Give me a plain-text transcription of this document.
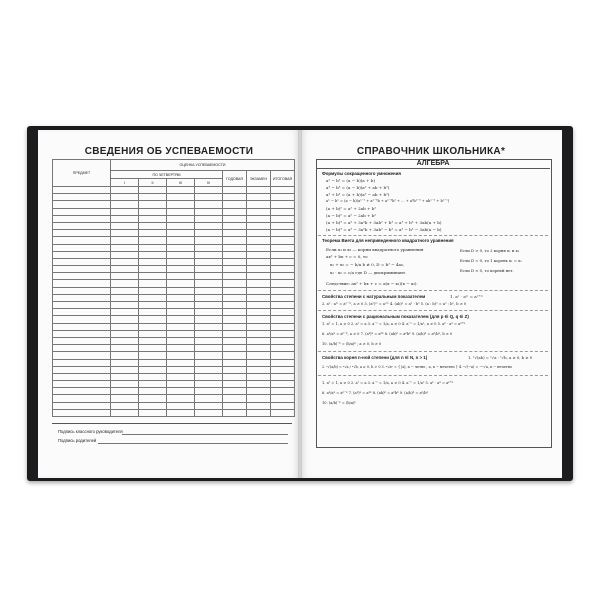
СВЕДЕНИЯ ОБ УСПЕВАЕМОСТИ
ПРЕДМЕТ	ОЦЕНКА УСПЕВАЕМОСТИ						
	ПО ЧЕТВЕРТЯМ				ГОДОВАЯ	ЭКЗАМЕН	ИТОГОВАЯ
	I	II	III	IV			

Подпись классного руководителя
Подпись родителей
СПРАВОЧНИК ШКОЛЬНИКА*
АЛГЕБРА
Формулы сокращенного умножения
a² − b² = (a − b)(a + b)
a³ − b³ = (a − b)(a² + ab + b²)
a³ + b³ = (a + b)(a² − ab + b²)
aⁿ − bⁿ = (a − b)(aⁿ⁻¹ + aⁿ⁻²b + aⁿ⁻³b² + ... + a²bⁿ⁻³ + abⁿ⁻² + bⁿ⁻¹)
(a + b)² = a² + 2ab + b²
(a − b)² = a² − 2ab + b²
(a + b)³ = a³ + 3a²b + 3ab² + b³ = a³ + b³ + 3ab(a + b)
(a − b)³ = a³ − 3a²b + 3ab² − b³ = a³ − b³ − 3ab(a − b)
Теорема Виета для неприведенного квадратного уравнения
Если x₁ и x₂ — корни квадратного уравнения
ax² + bx + c = 0, то
x₁ + x₂ = − b/a b ≠ 0, D = b² − 4ac,
x₁ · x₂ = c/a где D — дискриминант.
Следствие: ax² + bx + c = a(x − x₁)(x − x₂).
Если D > 0, то 2 корня x₁ и x₂
Если D = 0, то 1 корень x₁ = x₂
Если D < 0, то корней нет.
Свойства степени с натуральным показателем	1. aⁿ · aᵐ = aⁿ⁺ᵐ
2. aⁿ : aᵐ = aⁿ⁻ᵐ, a ≠ 0 3. (aⁿ)ᵐ = aⁿᵐ 4. (ab)ⁿ = aⁿ · bⁿ 5. (a : b)ⁿ = aⁿ : bⁿ, b ≠ 0
Свойства степени с рациональным показателем (для p ∈ Q, q ∈ Z)
1. a⁰ = 1, a ≠ 0 2. a¹ = a 3. a⁻¹ = 1/a, a ≠ 0 4. a⁻ⁿ = 1/aⁿ, a ≠ 0 5. aᵖ · aᵠ = aᵖ⁺ᵠ
6. aᵖ/aᵠ = aᵖ⁻ᵠ, a ≠ 0 7. (aᵖ)ᵠ = aᵖᵠ 8. (ab)ᵖ = aᵖbᵖ 9. (a/b)ᵖ = aᵖ/bᵖ, b ≠ 0
10. (a/b)⁻ᵖ = (b/a)ᵖ ; a ≠ 0, b ≠ 0
Свойства корня n-ной степени (для n ∈ N, n > 1)	1. ⁿ√(ab) = ⁿ√a · ⁿ√b, a ≥ 0, b ≥ 0
2. ⁿ√(a/b) = ⁿ√a / ⁿ√b, a ≥ 0, b > 0 3. ⁿ√aⁿ = { |a|, n − четно ; a, n − нечетно } 4. ⁿ√(−a) = −ⁿ√a, n − нечетно
1. a⁰ = 1, a ≠ 0 2. a¹ = a 3. a⁻¹ = 1/a, a ≠ 0 4. a⁻ⁿ = 1/aⁿ 5. aᵖ · aᵠ = aᵖ⁺ᵠ
6. aᵖ/aᵠ = aᵖ⁻ᵠ 7. (aᵖ)ᵠ = aᵖᵠ 8. (ab)ᵖ = aᵖbᵖ 9. (a/b)ᵖ = aᵖ/bᵖ
10. (a/b)⁻ᵖ = (b/a)ᵖ
